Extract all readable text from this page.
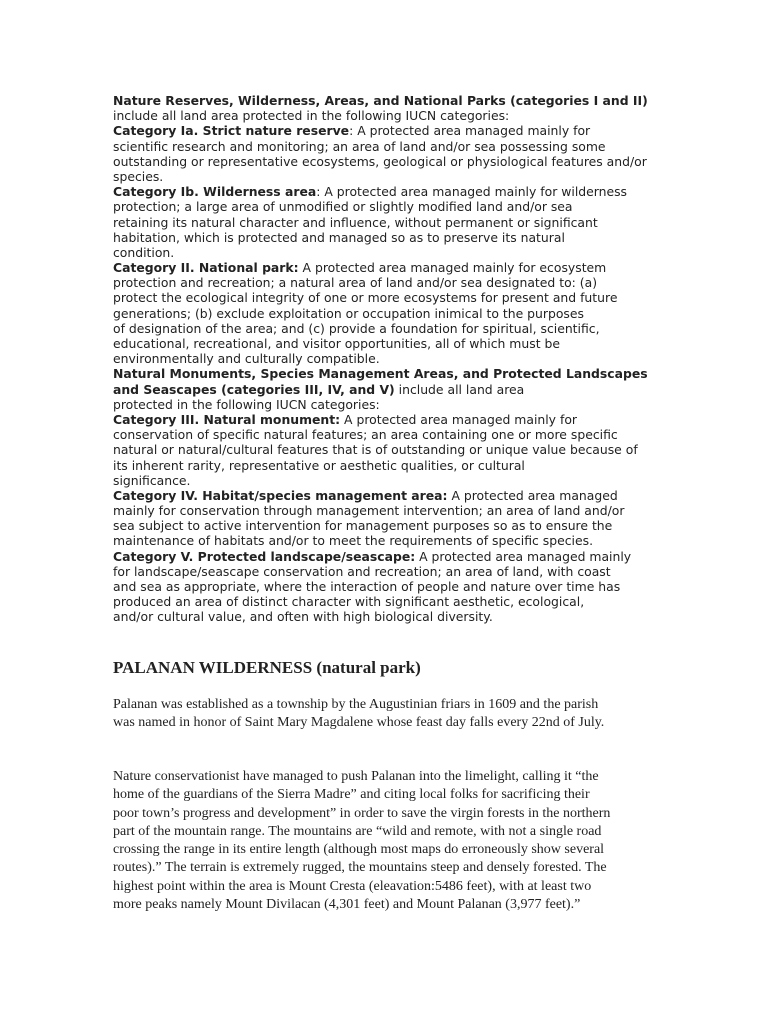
Nature Reserves, Wilderness, Areas, and National Parks (categories I and II)
include all land area protected in the following IUCN categories:
Category Ia. Strict nature reserve: A protected area managed mainly for
scientific research and monitoring; an area of land and/or sea possessing some
outstanding or representative ecosystems, geological or physiological features and/or
species.
Category Ib. Wilderness area: A protected area managed mainly for wilderness
protection; a large area of unmodified or slightly modified land and/or sea
retaining its natural character and influence, without permanent or significant
habitation, which is protected and managed so as to preserve its natural
condition.
Category II. National park: A protected area managed mainly for ecosystem
protection and recreation; a natural area of land and/or sea designated to: (a)
protect the ecological integrity of one or more ecosystems for present and future
generations; (b) exclude exploitation or occupation inimical to the purposes
of designation of the area; and (c) provide a foundation for spiritual, scientific,
educational, recreational, and visitor opportunities, all of which must be
environmentally and culturally compatible.
Natural Monuments, Species Management Areas, and Protected Landscapes
and Seascapes (categories III, IV, and V) include all land area
protected in the following IUCN categories:
Category III. Natural monument: A protected area managed mainly for
conservation of specific natural features; an area containing one or more specific
natural or natural/cultural features that is of outstanding or unique value because of
its inherent rarity, representative or aesthetic qualities, or cultural
significance.
Category IV. Habitat/species management area: A protected area managed
mainly for conservation through management intervention; an area of land and/or
sea subject to active intervention for management purposes so as to ensure the
maintenance of habitats and/or to meet the requirements of specific species.
Category V. Protected landscape/seascape: A protected area managed mainly
for landscape/seascape conservation and recreation; an area of land, with coast
and sea as appropriate, where the interaction of people and nature over time has
produced an area of distinct character with significant aesthetic, ecological,
and/or cultural value, and often with high biological diversity.
PALANAN WILDERNESS (natural park)
Palanan was established as a township by the Augustinian friars in 1609 and the parish
was named in honor of Saint Mary Magdalene whose feast day falls every 22nd of July.
Nature conservationist have managed to push Palanan into the limelight, calling it “the
home of the guardians of the Sierra Madre” and citing local folks for sacrificing their
poor town’s progress and development” in order to save the virgin forests in the northern
part of the mountain range. The mountains are “wild and remote, with not a single road
crossing the range in its entire length (although most maps do erroneously show several
routes).” The terrain is extremely rugged, the mountains steep and densely forested. The
highest point within the area is Mount Cresta (eleavation:5486 feet), with at least two
more peaks namely Mount Divilacan (4,301 feet) and Mount Palanan (3,977 feet).”
